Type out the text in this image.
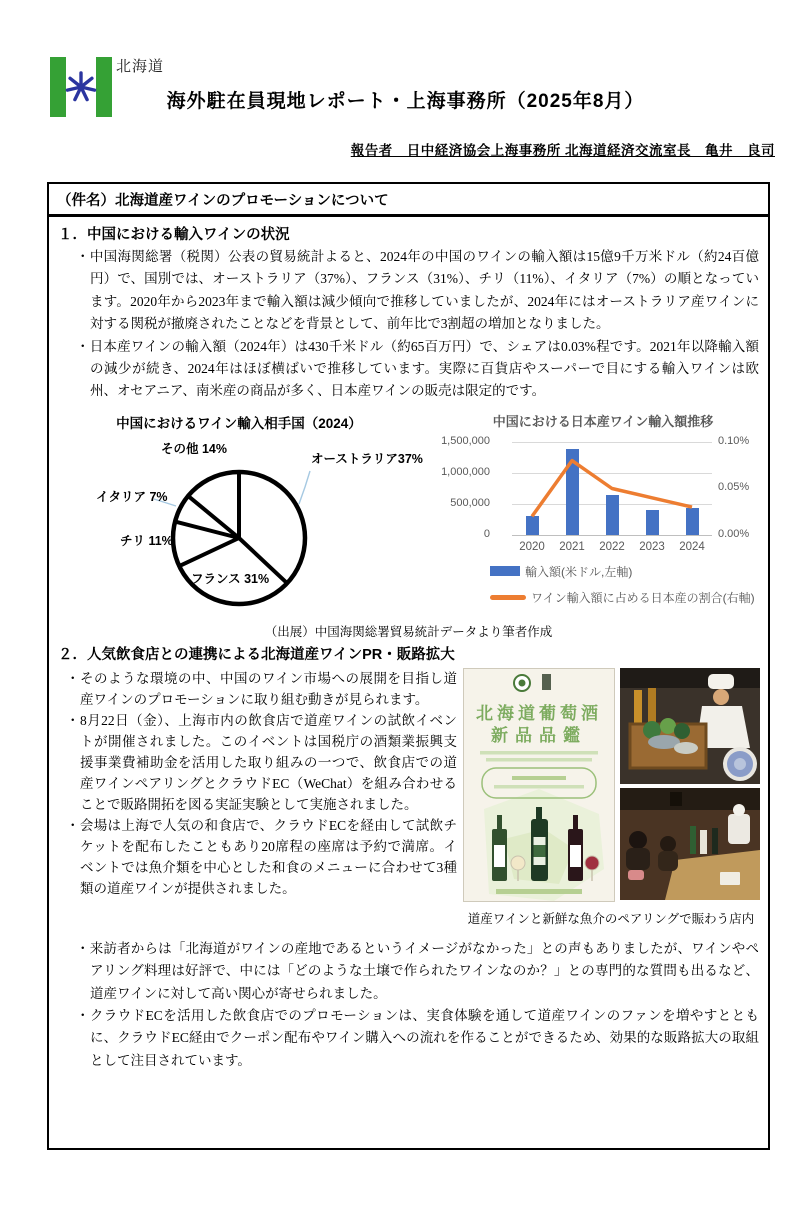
北海道
海外駐在員現地レポート・上海事務所（2025年8月）
報告者　日中経済協会上海事務所 北海道経済交流室長　亀井　良司
（件名）北海道産ワインのプロモーションについて
１．中国における輸入ワインの状況
・中国海関総署（税関）公表の貿易統計よると、2024年の中国のワインの輸入額は15億9千万米ドル（約24百億円）で、国別では、オーストラリア（37%）、フランス（31%）、チリ（11%）、イタリア（7%）の順となっています。2020年から2023年まで輸入額は減少傾向で推移していましたが、2024年にはオーストラリア産ワインに対する関税が撤廃されたことなどを背景として、前年比で3割超の増加となりました。
・日本産ワインの輸入額（2024年）は430千米ドル（約65百万円）で、シェアは0.03%程です。2021年以降輸入額の減少が続き、2024年はほぼ横ばいで推移しています。実際に百貨店やスーパーで目にする輸入ワインは欧州、オセアニア、南米産の商品が多く、日本産ワインの販売は限定的です。
中国におけるワイン輸入相手国（2024）
オーストラリア37%
フランス 31%
チリ 11%
イタリア 7%
その他 14%
中国における日本産ワイン輸入額推移
1,500,000
1,000,000
500,000
0
0.10%
0.05%
0.00%
2020	2021	2022	2023	2024
輸入額(米ドル,左軸)
ワイン輸入額に占める日本産の割合(右軸)
（出展）中国海関総署貿易統計データより筆者作成
２．人気飲食店との連携による北海道産ワインPR・販路拡大
・そのような環境の中、中国のワイン市場への展開を目指し道産ワインのプロモーションに取り組む動きが見られます。
・8月22日（金）、上海市内の飲食店で道産ワインの試飲イベントが開催されました。このイベントは国税庁の酒類業振興支援事業費補助金を活用した取り組みの一つで、飲食店での道産ワインペアリングとクラウドEC（WeChat）を組み合わせることで販路開拓を図る実証実験として実施されました。
・会場は上海で人気の和食店で、クラウドECを経由して試飲チケットを配布したこともあり20席程の座席は予約で満席。イベントでは魚介類を中心とした和食のメニューに合わせて3種類の道産ワインが提供されました。
北海道葡萄酒
新品品鑑
道産ワインと新鮮な魚介のペアリングで賑わう店内
・来訪者からは「北海道がワインの産地であるというイメージがなかった」との声もありましたが、ワインやペアリング料理は好評で、中には「どのような土壌で作られたワインなのか？」との専門的な質問も出るなど、道産ワインに対して高い関心が寄せられました。
・クラウドECを活用した飲食店でのプロモーションは、実食体験を通して道産ワインのファンを増やすとともに、クラウドEC経由でクーポン配布やワイン購入への流れを作ることができるため、効果的な販路拡大の取組として注目されています。
